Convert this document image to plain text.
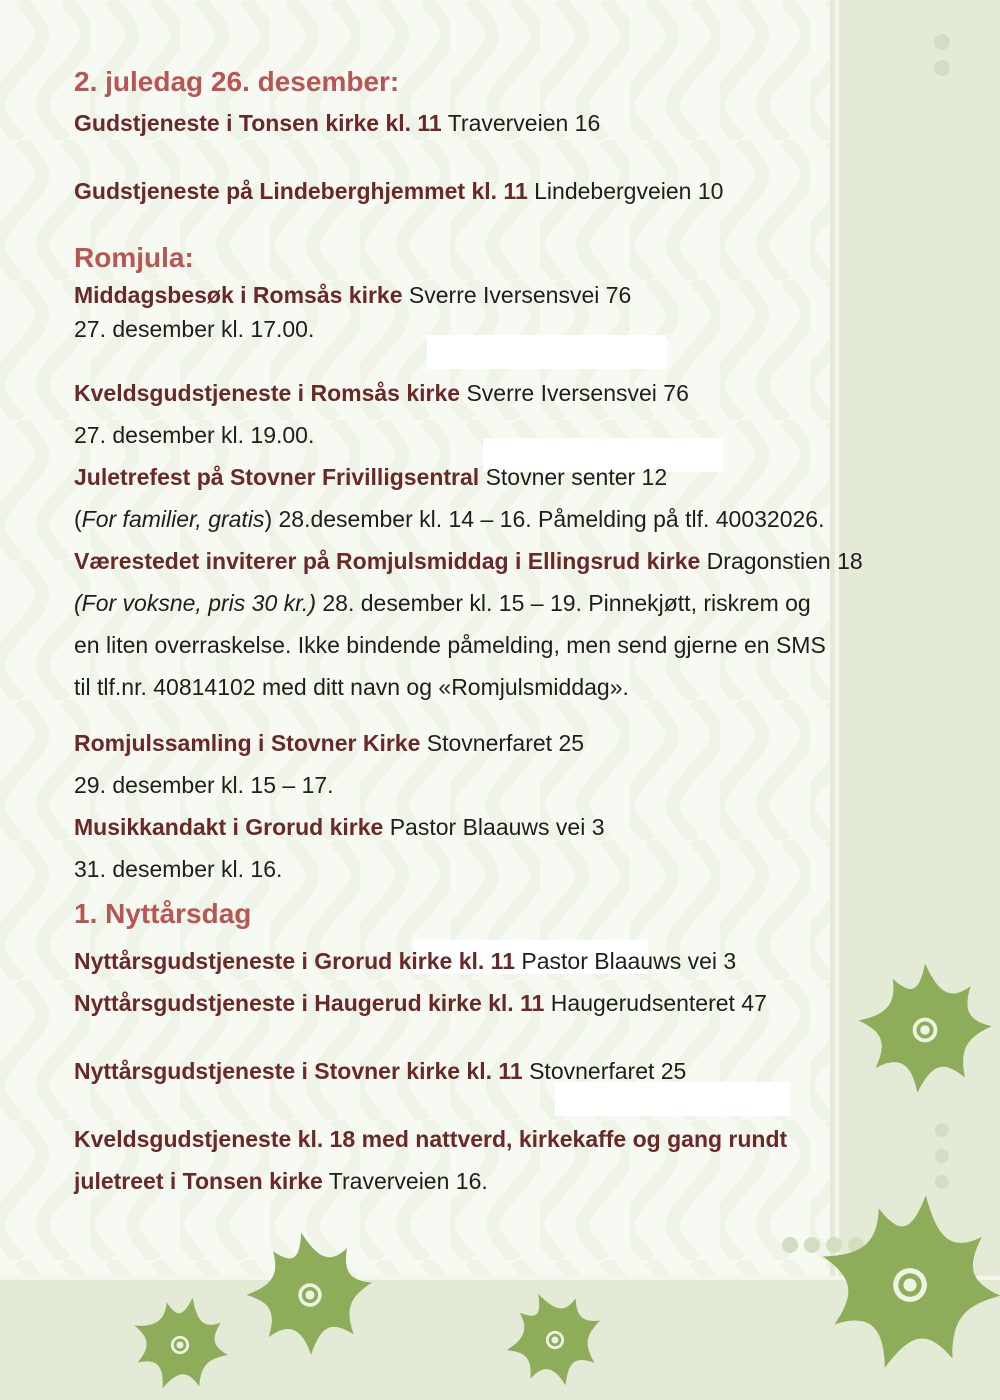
2. juledag 26. desember:

Gudstjeneste i Tonsen kirke kl. 11 Traverveien 16

Gudstjeneste på Lindeberghjemmet kl. 11 Lindebergveien 10

Romjula:

Middagsbesøk i Romsås kirke Sverre Iversensvei 76

27. desember kl. 17.00.

Kveldsgudstjeneste i Romsås kirke Sverre Iversensvei 76

27. desember kl. 19.00.

Juletrefest på Stovner Frivilligsentral Stovner senter 12

(For familier, gratis) 28.desember kl. 14 – 16. Påmelding på tlf. 40032026.

Værestedet inviterer på Romjulsmiddag i Ellingsrud kirke Dragonstien 18

(For voksne, pris 30 kr.) 28. desember kl. 15 – 19. Pinnekjøtt, riskrem og

en liten overraskelse. Ikke bindende påmelding, men send gjerne en SMS

til tlf.nr. 40814102 med ditt navn og «Romjulsmiddag».

Romjulssamling i Stovner Kirke Stovnerfaret 25

29. desember kl. 15 – 17.

Musikkandakt i Grorud kirke Pastor Blaauws vei 3

31. desember kl. 16.

1. Nyttårsdag

Nyttårsgudstjeneste i Grorud kirke kl. 11 Pastor Blaauws vei 3

Nyttårsgudstjeneste i Haugerud kirke kl. 11 Haugerudsenteret 47

Nyttårsgudstjeneste i Stovner kirke kl. 11 Stovnerfaret 25

Kveldsgudstjeneste kl. 18 med nattverd, kirkekaffe og gang rundt

juletreet i Tonsen kirke Traverveien 16.
